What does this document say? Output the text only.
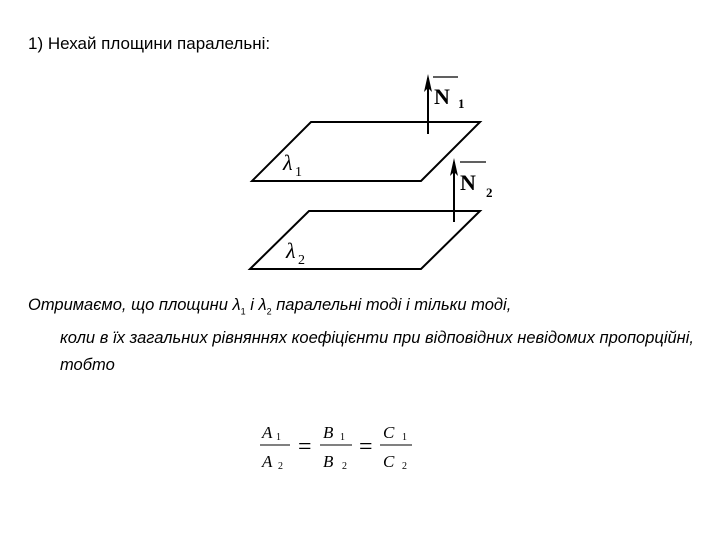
1) Нехай площини паралельні:
N 1
N 2
λ 1
λ 2
Отримаємо, що площини $\lambda_1$ і $\lambda_2$ паралельні тоді і тільки тоді,
коли в їх загальних рівняннях коефіцієнти при відповідних невідомих пропорційні, тобто
A 1
A 2
=
B 1
B 2
=
C 1
C 2
